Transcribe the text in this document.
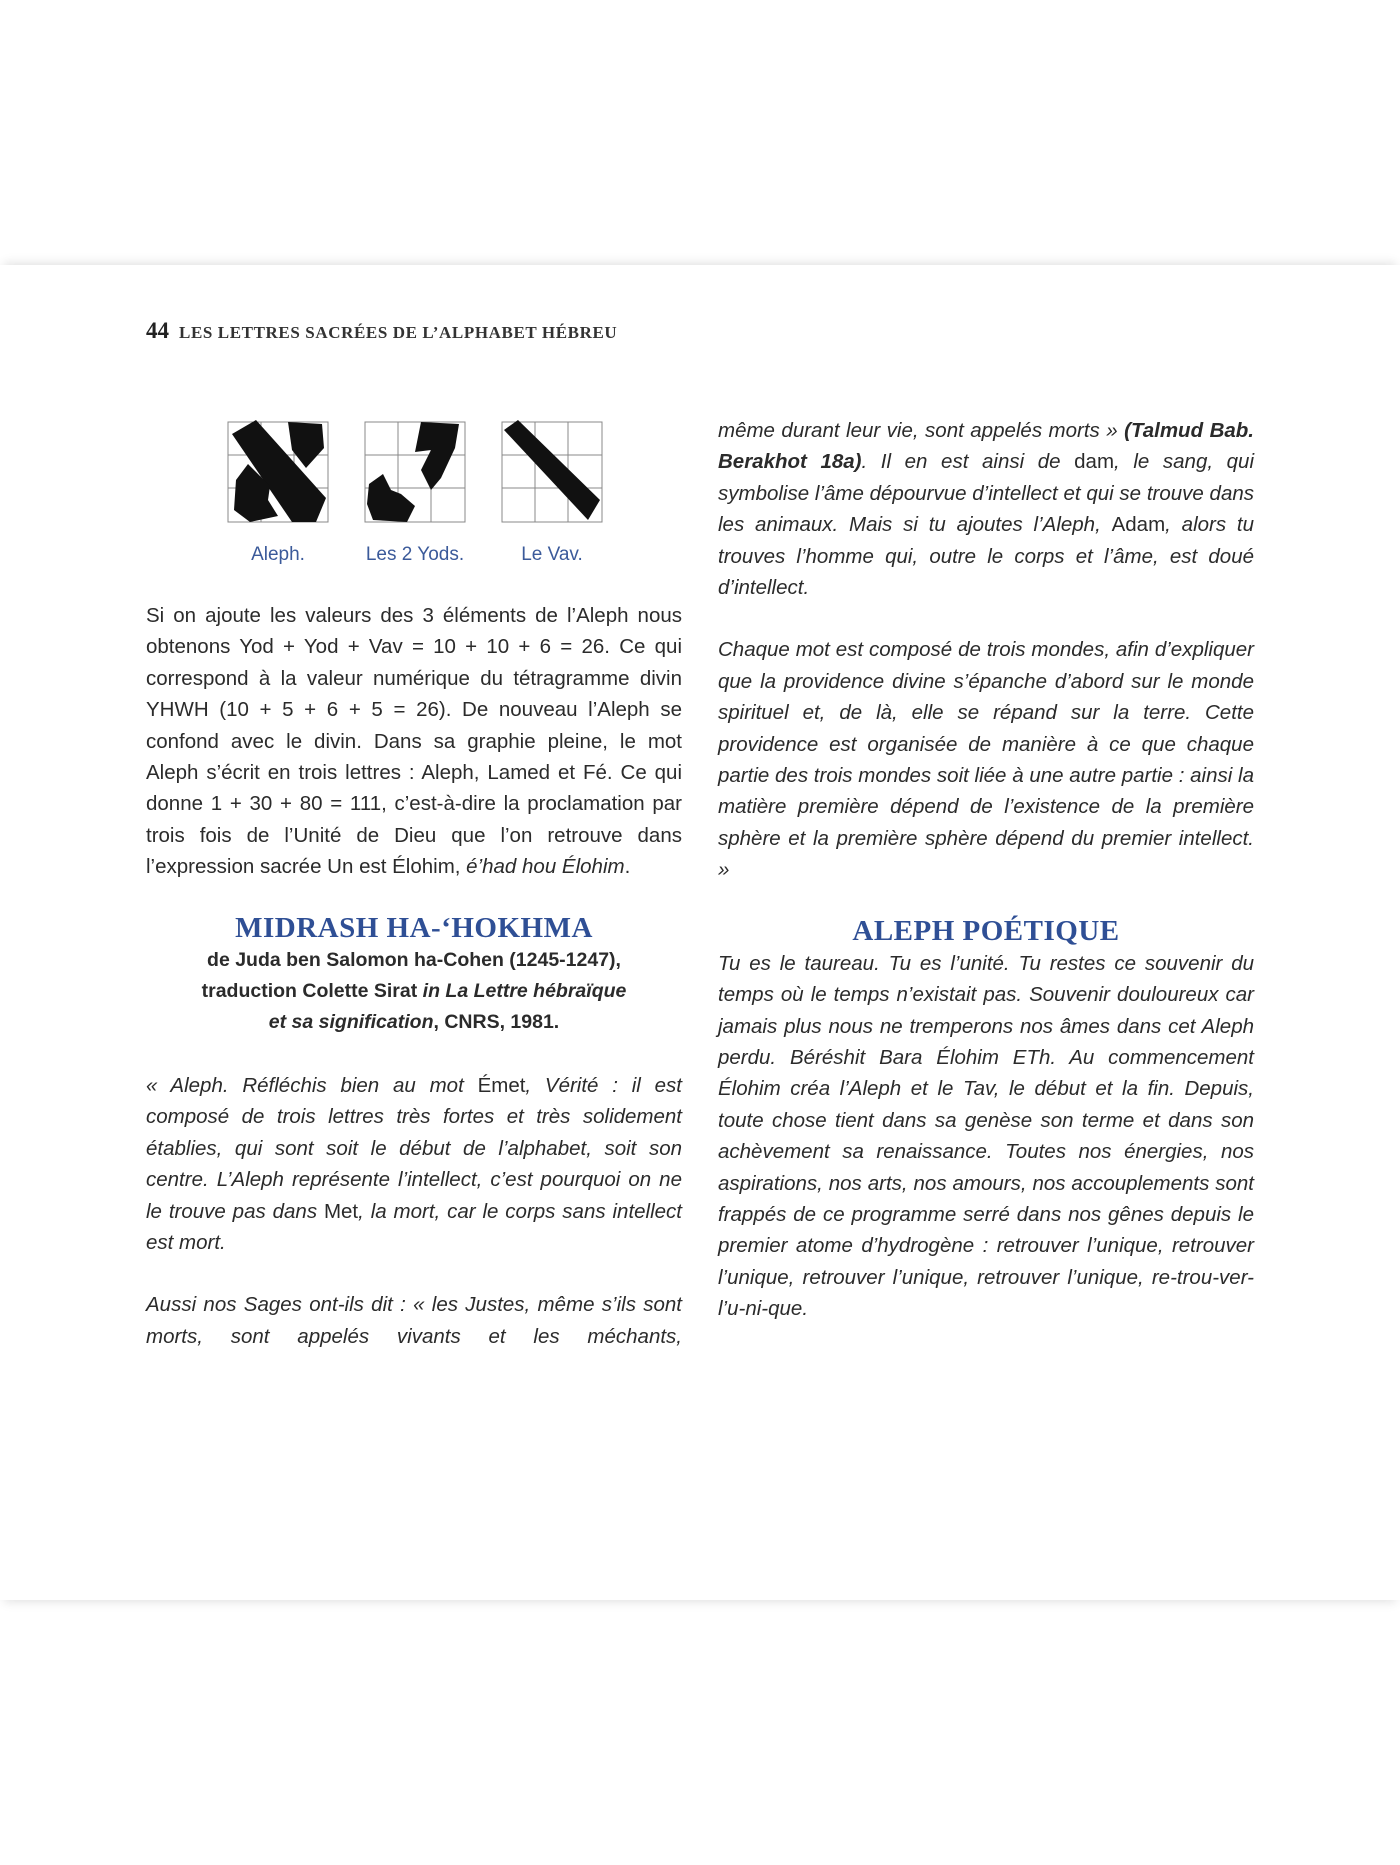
44 LES LETTRES SACRÉES DE L’ALPHABET HÉBREU
Aleph.	Les 2 Yods.	Le Vav.

Si on ajoute les valeurs des 3 éléments de l’Aleph nous obtenons Yod + Yod + Vav = 10 + 10 + 6 = 26. Ce qui correspond à la valeur numérique du tétragramme divin YHWH (10 + 5 + 6 + 5 = 26). De nouveau l’Aleph se confond avec le divin. Dans sa graphie pleine, le mot Aleph s’écrit en trois lettres : Aleph, Lamed et Fé. Ce qui donne 1 + 30 + 80 = 111, c’est-à-dire la proclamation par trois fois de l’Unité de Dieu que l’on retrouve dans l’expression sacrée Un est Élohim, é’had hou Élohim.

MIDRASH HA-‘HOKHMA

de Juda ben Salomon ha-Cohen (1245-1247),
traduction Colette Sirat in La Lettre hébraïque
et sa signification, CNRS, 1981.

« Aleph. Réfléchis bien au mot Émet, Vérité : il est composé de trois lettres très fortes et très solidement établies, qui sont soit le début de l’alphabet, soit son centre. L’Aleph représente l’intellect, c’est pourquoi on ne le trouve pas dans Met, la mort, car le corps sans intellect est mort.

Aussi nos Sages ont-ils dit : « les Justes, même s’ils sont morts, sont appelés vivants et les méchants,

même durant leur vie, sont appelés morts » (Talmud Bab. Berakhot 18a). Il en est ainsi de dam, le sang, qui symbolise l’âme dépourvue d’intellect et qui se trouve dans les animaux. Mais si tu ajoutes l’Aleph, Adam, alors tu trouves l’homme qui, outre le corps et l’âme, est doué d’intellect.

Chaque mot est composé de trois mondes, afin d’expliquer que la providence divine s’épanche d’abord sur le monde spirituel et, de là, elle se répand sur la terre. Cette providence est organisée de manière à ce que chaque partie des trois mondes soit liée à une autre partie : ainsi la matière première dépend de l’existence de la première sphère et la première sphère dépend du premier intellect. »

ALEPH POÉTIQUE

Tu es le taureau. Tu es l’unité. Tu restes ce souvenir du temps où le temps n’existait pas. Souvenir douloureux car jamais plus nous ne tremperons nos âmes dans cet Aleph perdu. Béréshit Bara Élohim ETh. Au commencement Élohim créa l’Aleph et le Tav, le début et la fin. Depuis, toute chose tient dans sa genèse son terme et dans son achèvement sa renaissance. Toutes nos énergies, nos aspirations, nos arts, nos amours, nos accouplements sont frappés de ce programme serré dans nos gênes depuis le premier atome d’hydrogène : retrouver l’unique, retrouver l’unique, retrouver l’unique, retrouver l’unique, re-trou-ver-l’u-ni-que.
